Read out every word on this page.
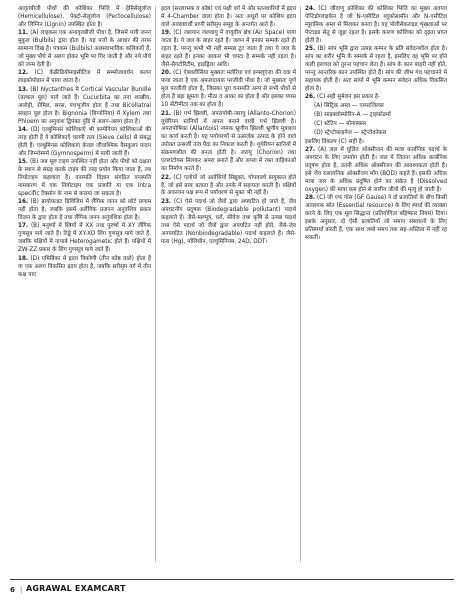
आवृतबीजी पौधों की कोशिका भित्ति में हेमिसेलुलोज (Hemicellulose), पेक्टो-सेलुलोज (Pectocellulose) और लिग्निन (Lignin) उपस्थित होता है।
11. (A) लाइकस एक अनावृतबीजी पौधा है, जिसमें पत्ती जनन मुकुल (Bulbils) द्वारा होता है। यह पत्तों के आधार की तरफ सामान्य दिख है। पत्रकम (Bulbils) अलस्वाभाविक कलिकाएँ हैं, जो मुख्य पौधे से अलग होकर भूमि पर गिर जाती है और नये पौधे को जन्म देती है।
12. (C) केंक्रीडियोमाइसीटिज में सम्भोजावर्धन कलन लाइकोपोडान में पाया जाता है।
13. (B) Nyctanthes में Cortical Vascular Bundle (वल्कल पूल) पाये जाते हैं। Cucurbita का तना शाखीय, आरोही, रोमिल, सरस, पंचभुजीय होता है तथा Bicollatral संवहन पूल होता है। Bignonia (बिग्नोनिया) में Xylem तथा Phloem का अनुवांश द्विपंक्त पुंडि में अलग-अलग होता है।
14. (D) एल्बुमिनस कोशिकाएँ भी कम्पेनियन कोशिकाओं की तरह होती हैं ये कोशिकाएँ चलनी तत्व (Sieve cells) से संबद्ध होती हैं। एल्बुमिनस कोशिकाएं केवल जीवाश्मिक वैसकुलर पादप और जिम्नोस्पर्म (Gymnosperm) में पायी जाती हैं।
15. (B) जब मूल टाइप उपस्थित नहीं होता और पौधों को दक्षता के स्थान से संग्रह करके टाइप की तरह प्रयोग किया जाता है, तब नियोटाइप कहलाता है। वनस्पति विज्ञान संगठित वनस्पति नामकरण में एक नियोटाइप एक प्रजाति या एक Intra specific टैक्सोन के नाम से कराया जा सकता है।
16. (B) ब्रायोफाइट डिविजिम में लैंगिक जनन को छोटे प्रणाम नहीं होता है, जबकि इसमें अलैंगिक प्रजनन अनुवंशिय प्रकार विजन के द्वारा होता है तथा लैंगिक जनन अनुवंशिक होता है।
17. (B) मनुष्यों में स्त्रियों में XX तथा पुरुषों में XY लैंगिक गुणसूत्र पाये जाते हैं। टिड्डे में XY-XO लिंग गुणसूत्र पाये जाते हैं, जबकि पक्षियों में नायाबे Heterogametic होते हैं। पक्षियों में ZW-ZZ प्रकार के लिंग गुणसूत्र पाये जाते हैं।
18. (D) एमिबिका में ह्रदय त्रिकोणी (तीन कोष्ठ वाले) होता है या एक अलग विकसित ह्रदय होता है, जबकि सरीसृप वर्ग में तीन कक्ष पाए
ह्रदय (सरलाभक व कोष्ठ) एवं पक्षी वर्ग में और स्तनधारियों में ह्रदय में 4-Chamber वाला होता है। अतः अधूरों पर कोशिय ह्रदय वाले अवशष्टार्थी प्राणी सरीसृप समूह के अन्तर्गत आते हैं।
19. (C) जलयान जलवायु में वायुवीय क्षेत्र (Air Space) पाया जाता है। ये जल के बाहर रहते हैं। जलन में इनका सम्पर्क रहते ही रहता है, परन्तु कभी भी नहीं सम्पन्न टूट जाता है तथा ये जल के बाहर रहते हैं। इनका आकार भी चपटा है सम्पर्क नहीं रहता है। जैसे-सैगटोरिटीम, हाइड्रिला आदि।
20. (C) ऐक्वलीसिया मुख्यतः मलेरिया एवं इन्फ्लूएंजा की दवा में पाया जाता है एक अफलदायक परजीवी पौधा है। जो मुख्यतः पूर्ण मूल परजीवी होता है, जिसका पूरा वनस्पति अन्य से सभी पौधों से होता है बड़ा झूमता है। मीठा व आका का होता है और इसका व्यास 10 सेंटीमीटर तक का होता है।
21. (B) गर्भ झिल्ली, अपरापोषी-जरायु (Allanto-Chorion) यूथेरियन स्तनियों में अपरा बनाने वाली गर्भ झिल्ली है। अपरापोषिका (Allantois) नामक भ्रूणीय झिल्ली भ्रूणीय मूत्राशय का कार्य करती है। यह पर्यावरणों से उत्सर्जक उत्पाद के होने वाले उपोक्त उत्सर्जी तत्व पैदा का निकाल करती है। यूथेरियन स्तनियों में संक्रमणशील की बनता होती है। जरायु (Chorion) तथा एल्लांटोयस मिलकर अपरा बनाते हैं और अपरा में रक्त वाहिकाओं का निर्माण करते हैं।
22. (C) एलोयों जो आवेथियों सिद्युक्त, चोपवालो प्रायुक्तत होते हैं, जो इसे प्रायः बताता है और उनके में सहायता करती है। पक्षियों के अवनयन पक्ष रूप में पर्यावरण से मुक्त भी नहीं है।
23. (C) ऐसे पदार्थ जो जैवों द्वारा अपघटित हो जाते हैं, जैव अपघटनीय प्रदूषक (Biodegradable pollutant) पदार्थ कहलाते हैं। जैसे-मलमूत्र, घरों, सीवेज तथा कृषि से उत्पन्न पदार्थ तथा ऐसे पदार्थ जो जैवों द्वारा अपघटित नहीं होते, जैसे-जेव अनपघटित (Nonbiodegradable) पदार्थ कहलाते हैं। जैसे-पारा (Hg), पॉलिथीन, एल्युमिनियम, 24D, DDT।
24. (C) जीवाणु कोशिका की कोशिका भित्ति का मुख्य अवयव पेप्टिडोग्लाइकेन है जो N-एसीटिल ग्लूकोसामीन और N-एसीटिल म्यूरामिक अम्ल से मिलकर बनता है। यह पॉलीसेकराइड शृंखलाओं पर पेप्टाइड सेतु से जुड़ा रहता है। इसके कारण कोशिका को दृढ़ता प्राप्त होती है।
25. (B) सांप भूमि द्वारा उत्पन्न कम्पन के प्रति संवेदनशील होता है। सांप का शरीर भूमि के सम्पर्क में रहता है, इसलिए वह भूमि पर होने वाली हलचल को तुरन्त पहचान लेता है। सांप के कान बाहरी नहीं होते, परन्तु आन्तरिक कान उपस्थित होते हैं। सांप की जीभ गंध पहचानने में सहायक होती है। अतः सांपों में भूमि कम्पन संवेदन अधिक विकसित होता है।
26. (C) सही सुमेलन इस प्रकार है-
(A) सिट्रिक अम्ल — एस्परजिलस
(B) साइक्लोस्पोरिन-A — ट्राइकोडर्मा
(C) स्टेटिन — मोनास्कस
(D) स्ट्रेप्टोकाइनेज — स्ट्रेप्टोकोकस
इसलिए विकल्प (C) सही है।
27. (A) जल में घुलित ऑक्सीजन की मात्रा कार्बनिक पदार्थ के अपघटन के लिए उपयोग होती है। जल में जितना अधिक कार्बनिक प्रदूषण होता है, उतनी अधिक ऑक्सीजन की आवश्यकता होती है। इसे जैव रासायनिक ऑक्सीजन माँग (BOD) कहते हैं। इसकी अधिक मात्रा जल के अधिक प्रदूषित होने का संकेत है (Dissolved oxygen) की मात्रा कम होने से जलीय जीवों की मृत्यु हो जाती है।
28. (C) जी एफ गॉस (GF Gause) ने दो प्रजातियों के बीच किसी आवश्यक स्रोत (Essential resource) के लिए स्पर्धा की व्याख्या करने के लिए एक मूल सिद्धान्त (प्रतियोगिता बहिष्कार नियम) दिया। इसके अनुसार, दो ऐसी प्रजातियाँ जो समान संसाधनों के लिए प्रतिस्पर्धा करती हैं, एक साथ लम्बे समय तक सह-अस्तित्व में नहीं रह सकतीं।
6 | AGRAWAL EXAMCART
